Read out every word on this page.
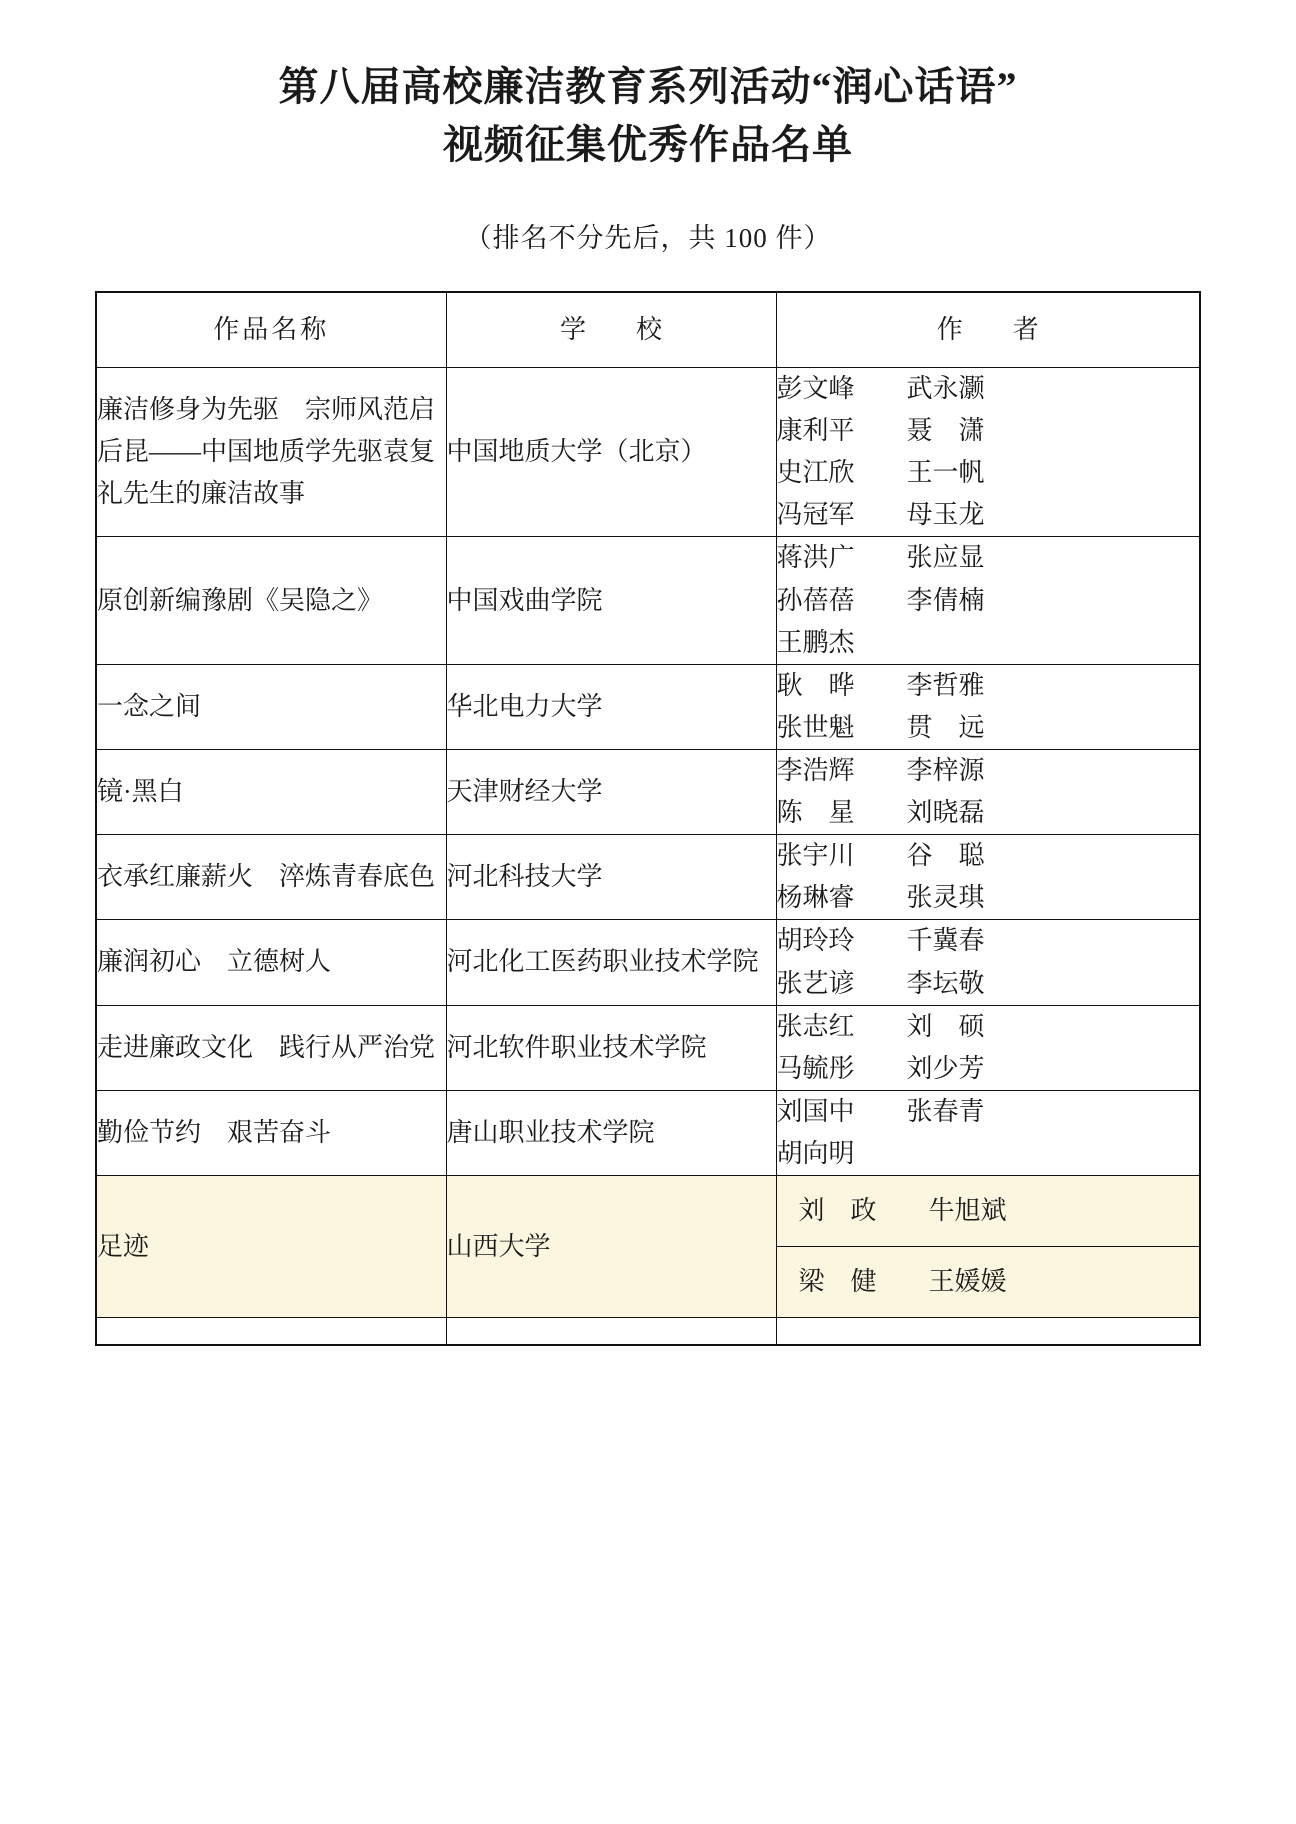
第八届高校廉洁教育系列活动“润心话语”
视频征集优秀作品名单

（排名不分先后，共 100 件）

作品名称	学　校	作　者
廉洁修身为先驱　宗师风范启后昆——中国地质学先驱袁复礼先生的廉洁故事	中国地质大学（北京）	彭文峰　　武永灏
康利平　　聂　潇
史江欣　　王一帆
冯冠军　　母玉龙

原创新编豫剧《吴隐之》	中国戏曲学院	蒋洪广　　张应显
孙蓓蓓　　李倩楠
王鹏杰

一念之间	华北电力大学	耿　晔　　李哲雅
张世魁　　贯　远

镜·黑白	天津财经大学	李浩辉　　李梓源
陈　星　　刘晓磊

衣承红廉薪火　淬炼青春底色	河北科技大学	张宇川　　谷　聪
杨琳睿　　张灵琪

廉润初心　立德树人	河北化工医药职业技术学院	胡玲玲　　千冀春
张艺谚　　李坛敬

走进廉政文化　践行从严治党	河北软件职业技术学院	张志红　　刘　硕
马毓彤　　刘少芳

勤俭节约　艰苦奋斗	唐山职业技术学院	刘国中　　张春青
胡向明

足迹	山西大学	刘　政　　牛旭斌
梁　健　　王媛媛
